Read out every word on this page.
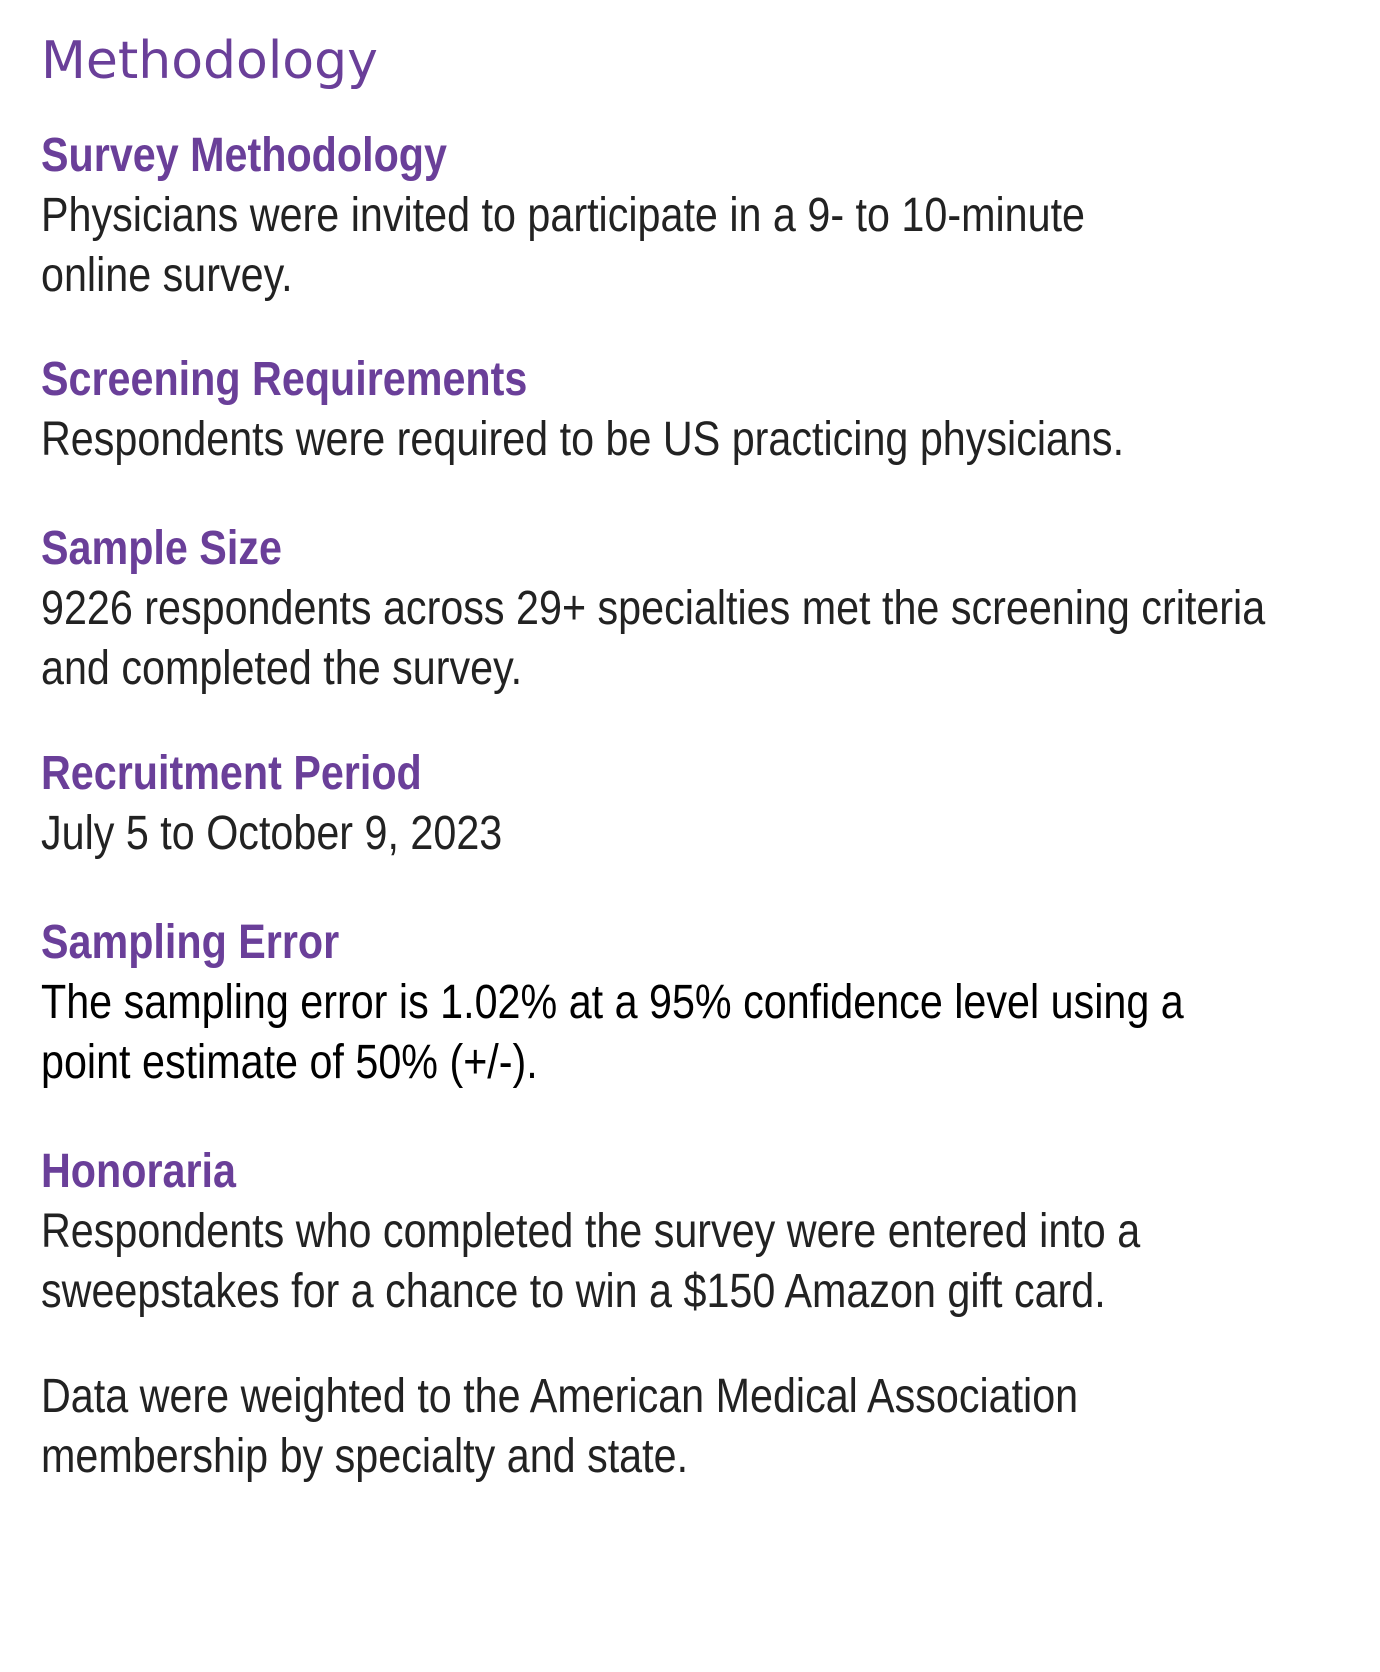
Methodology
Survey Methodology

Physicians were invited to participate in a 9- to 10-minute online survey.

Screening Requirements

Respondents were required to be US practicing physicians.

Sample Size

9226 respondents across 29+ specialties met the screening criteria and completed the survey.

Recruitment Period

July 5 to October 9, 2023

Sampling Error

The sampling error is 1.02% at a 95% confidence level using a point estimate of 50% (+/-).

Honoraria

Respondents who completed the survey were entered into a sweepstakes for a chance to win a $150 Amazon gift card.

Data were weighted to the American Medical Association membership by specialty and state.
